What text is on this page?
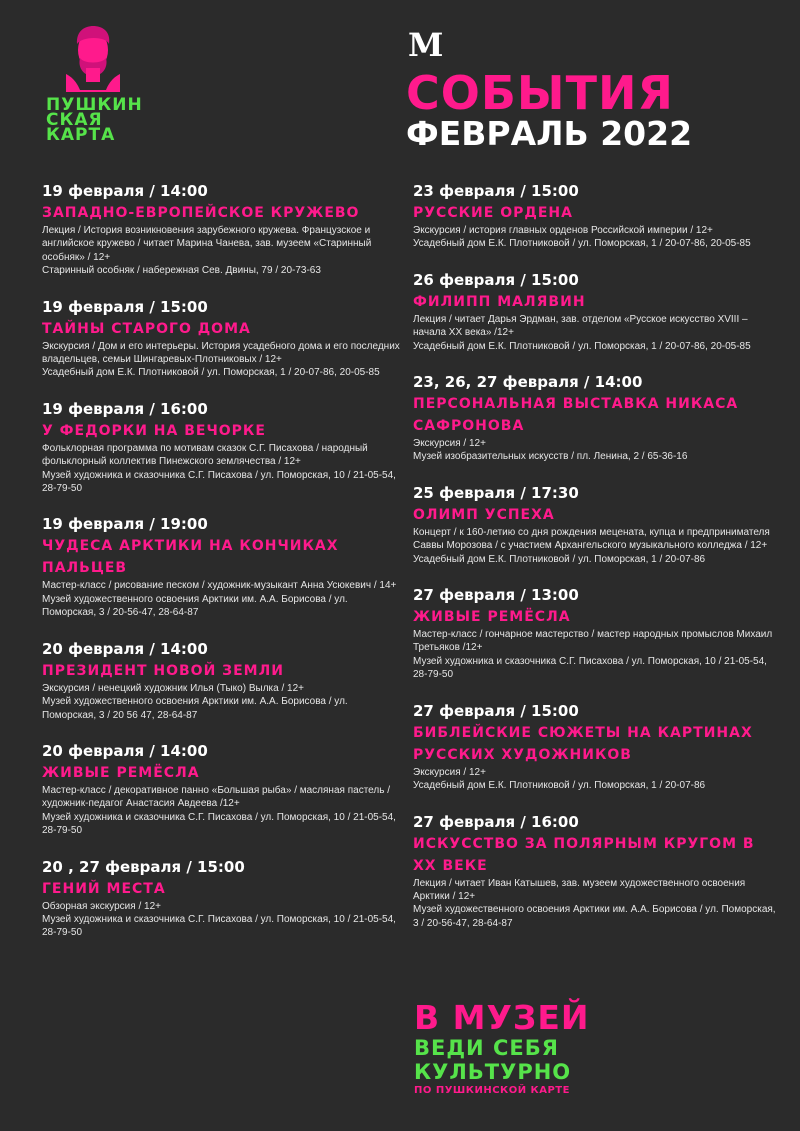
ПУШКИН
СКАЯ
КАРТА
М
СОБЫТИЯ
ФЕВРАЛЬ 2022
19 февраля / 14:00
ЗАПАДНО-ЕВРОПЕЙСКОЕ КРУЖЕВО
Лекция / История возникновения зарубежного кружева. Французское и английское кружево / читает Марина Чанева, зав. музеем «Старинный особняк» / 12+
Старинный особняк / набережная Сев. Двины, 79 / 20-73-63
19 февраля / 15:00
ТАЙНЫ СТАРОГО ДОМА
Экскурсия / Дом и его интерьеры. История усадебного дома и его последних владельцев, семьи Шингаревых-Плотниковых / 12+
Усадебный дом Е.К. Плотниковой / ул. Поморская, 1 / 20-07-86, 20-05-85
19 февраля / 16:00
У ФЕДОРКИ НА ВЕЧОРКЕ
Фольклорная программа по мотивам сказок С.Г. Писахова / народный фольклорный коллектив Пинежского землячества / 12+
Музей художника и сказочника С.Г. Писахова / ул. Поморская, 10 / 21-05-54, 28-79-50
19 февраля / 19:00
ЧУДЕСА АРКТИКИ НА КОНЧИКАХ ПАЛЬЦЕВ
Мастер-класс / рисование песком / художник-музыкант Анна Усюкевич / 14+
Музей художественного освоения Арктики им. А.А. Борисова / ул. Поморская, 3 / 20-56-47, 28-64-87
20 февраля / 14:00
ПРЕЗИДЕНТ НОВОЙ ЗЕМЛИ
Экскурсия / ненецкий художник Илья (Тыко) Вылка / 12+
Музей художественного освоения Арктики им. А.А. Борисова / ул. Поморская, 3 / 20 56 47, 28-64-87
20 февраля / 14:00
ЖИВЫЕ РЕМЁСЛА
Мастер-класс / декоративное панно «Большая рыба» / масляная пастель / художник-педагог Анастасия Авдеева /12+
Музей художника и сказочника С.Г. Писахова / ул. Поморская, 10 / 21-05-54, 28-79-50
20 , 27 февраля / 15:00
ГЕНИЙ МЕСТА
Обзорная экскурсия / 12+
Музей художника и сказочника С.Г. Писахова / ул. Поморская, 10 / 21-05-54, 28-79-50
23 февраля / 15:00
РУССКИЕ ОРДЕНА
Экскурсия / история главных орденов Российской империи / 12+
Усадебный дом Е.К. Плотниковой / ул. Поморская, 1 / 20-07-86, 20-05-85
26 февраля / 15:00
ФИЛИПП МАЛЯВИН
Лекция / читает Дарья Эрдман, зав. отделом «Русское искусство XVIII – начала XX века» /12+
Усадебный дом Е.К. Плотниковой / ул. Поморская, 1 / 20-07-86, 20-05-85
23, 26, 27 февраля / 14:00
ПЕРСОНАЛЬНАЯ ВЫСТАВКА НИКАСА САФРОНОВА
Экскурсия / 12+
Музей изобразительных искусств / пл. Ленина, 2 / 65-36-16
25 февраля / 17:30
ОЛИМП УСПЕХА
Концерт / к 160-летию со дня рождения мецената, купца и предпринимателя Саввы Морозова / с участием Архангельского музыкального колледжа / 12+
Усадебный дом Е.К. Плотниковой / ул. Поморская, 1 / 20-07-86
27 февраля / 13:00
ЖИВЫЕ РЕМЁСЛА
Мастер-класс / гончарное мастерство / мастер народных промыслов Михаил Третьяков /12+
Музей художника и сказочника С.Г. Писахова / ул. Поморская, 10 / 21-05-54, 28-79-50
27 февраля / 15:00
БИБЛЕЙСКИЕ СЮЖЕТЫ НА КАРТИНАХ РУССКИХ ХУДОЖНИКОВ
Экскурсия / 12+
Усадебный дом Е.К. Плотниковой / ул. Поморская, 1 / 20-07-86
27 февраля / 16:00
ИСКУССТВО ЗА ПОЛЯРНЫМ КРУГОМ В XX ВЕКЕ
Лекция / читает Иван Катышев, зав. музеем художественного освоения Арктики / 12+
Музей художественного освоения Арктики им. А.А. Борисова / ул. Поморская, 3 / 20-56-47, 28-64-87
В МУЗЕЙ
ВЕДИ СЕБЯ
КУЛЬТУРНО
ПО ПУШКИНСКОЙ КАРТЕ
